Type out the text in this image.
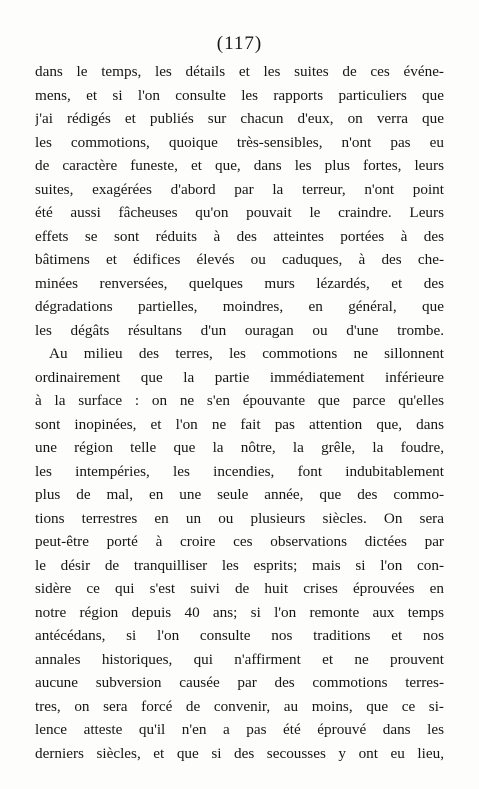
(117)
dans le temps, les détails et les suites de ces événe-
mens, et si l'on consulte les rapports particuliers que
j'ai rédigés et publiés sur chacun d'eux, on verra que
les commotions, quoique très-sensibles, n'ont pas eu
de caractère funeste, et que, dans les plus fortes, leurs
suites, exagérées d'abord par la terreur, n'ont point
été aussi fâcheuses qu'on pouvait le craindre. Leurs
effets se sont réduits à des atteintes portées à des
bâtimens et édifices élevés ou caduques, à des che-
minées renversées, quelques murs lézardés, et des
dégradations partielles, moindres, en général, que
les dégâts résultans d'un ouragan ou d'une trombe.
Au milieu des terres, les commotions ne sillonnent
ordinairement que la partie immédiatement inférieure
à la surface : on ne s'en épouvante que parce qu'elles
sont inopinées, et l'on ne fait pas attention que, dans
une région telle que la nôtre, la grêle, la foudre,
les intempéries, les incendies, font indubitablement
plus de mal, en une seule année, que des commo-
tions terrestres en un ou plusieurs siècles. On sera
peut-être porté à croire ces observations dictées par
le désir de tranquilliser les esprits; mais si l'on con-
sidère ce qui s'est suivi de huit crises éprouvées en
notre région depuis 40 ans; si l'on remonte aux temps
antécédans, si l'on consulte nos traditions et nos
annales historiques, qui n'affirment et ne prouvent
aucune subversion causée par des commotions terres-
tres, on sera forcé de convenir, au moins, que ce si-
lence atteste qu'il n'en a pas été éprouvé dans les
derniers siècles, et que si des secousses y ont eu lieu,
